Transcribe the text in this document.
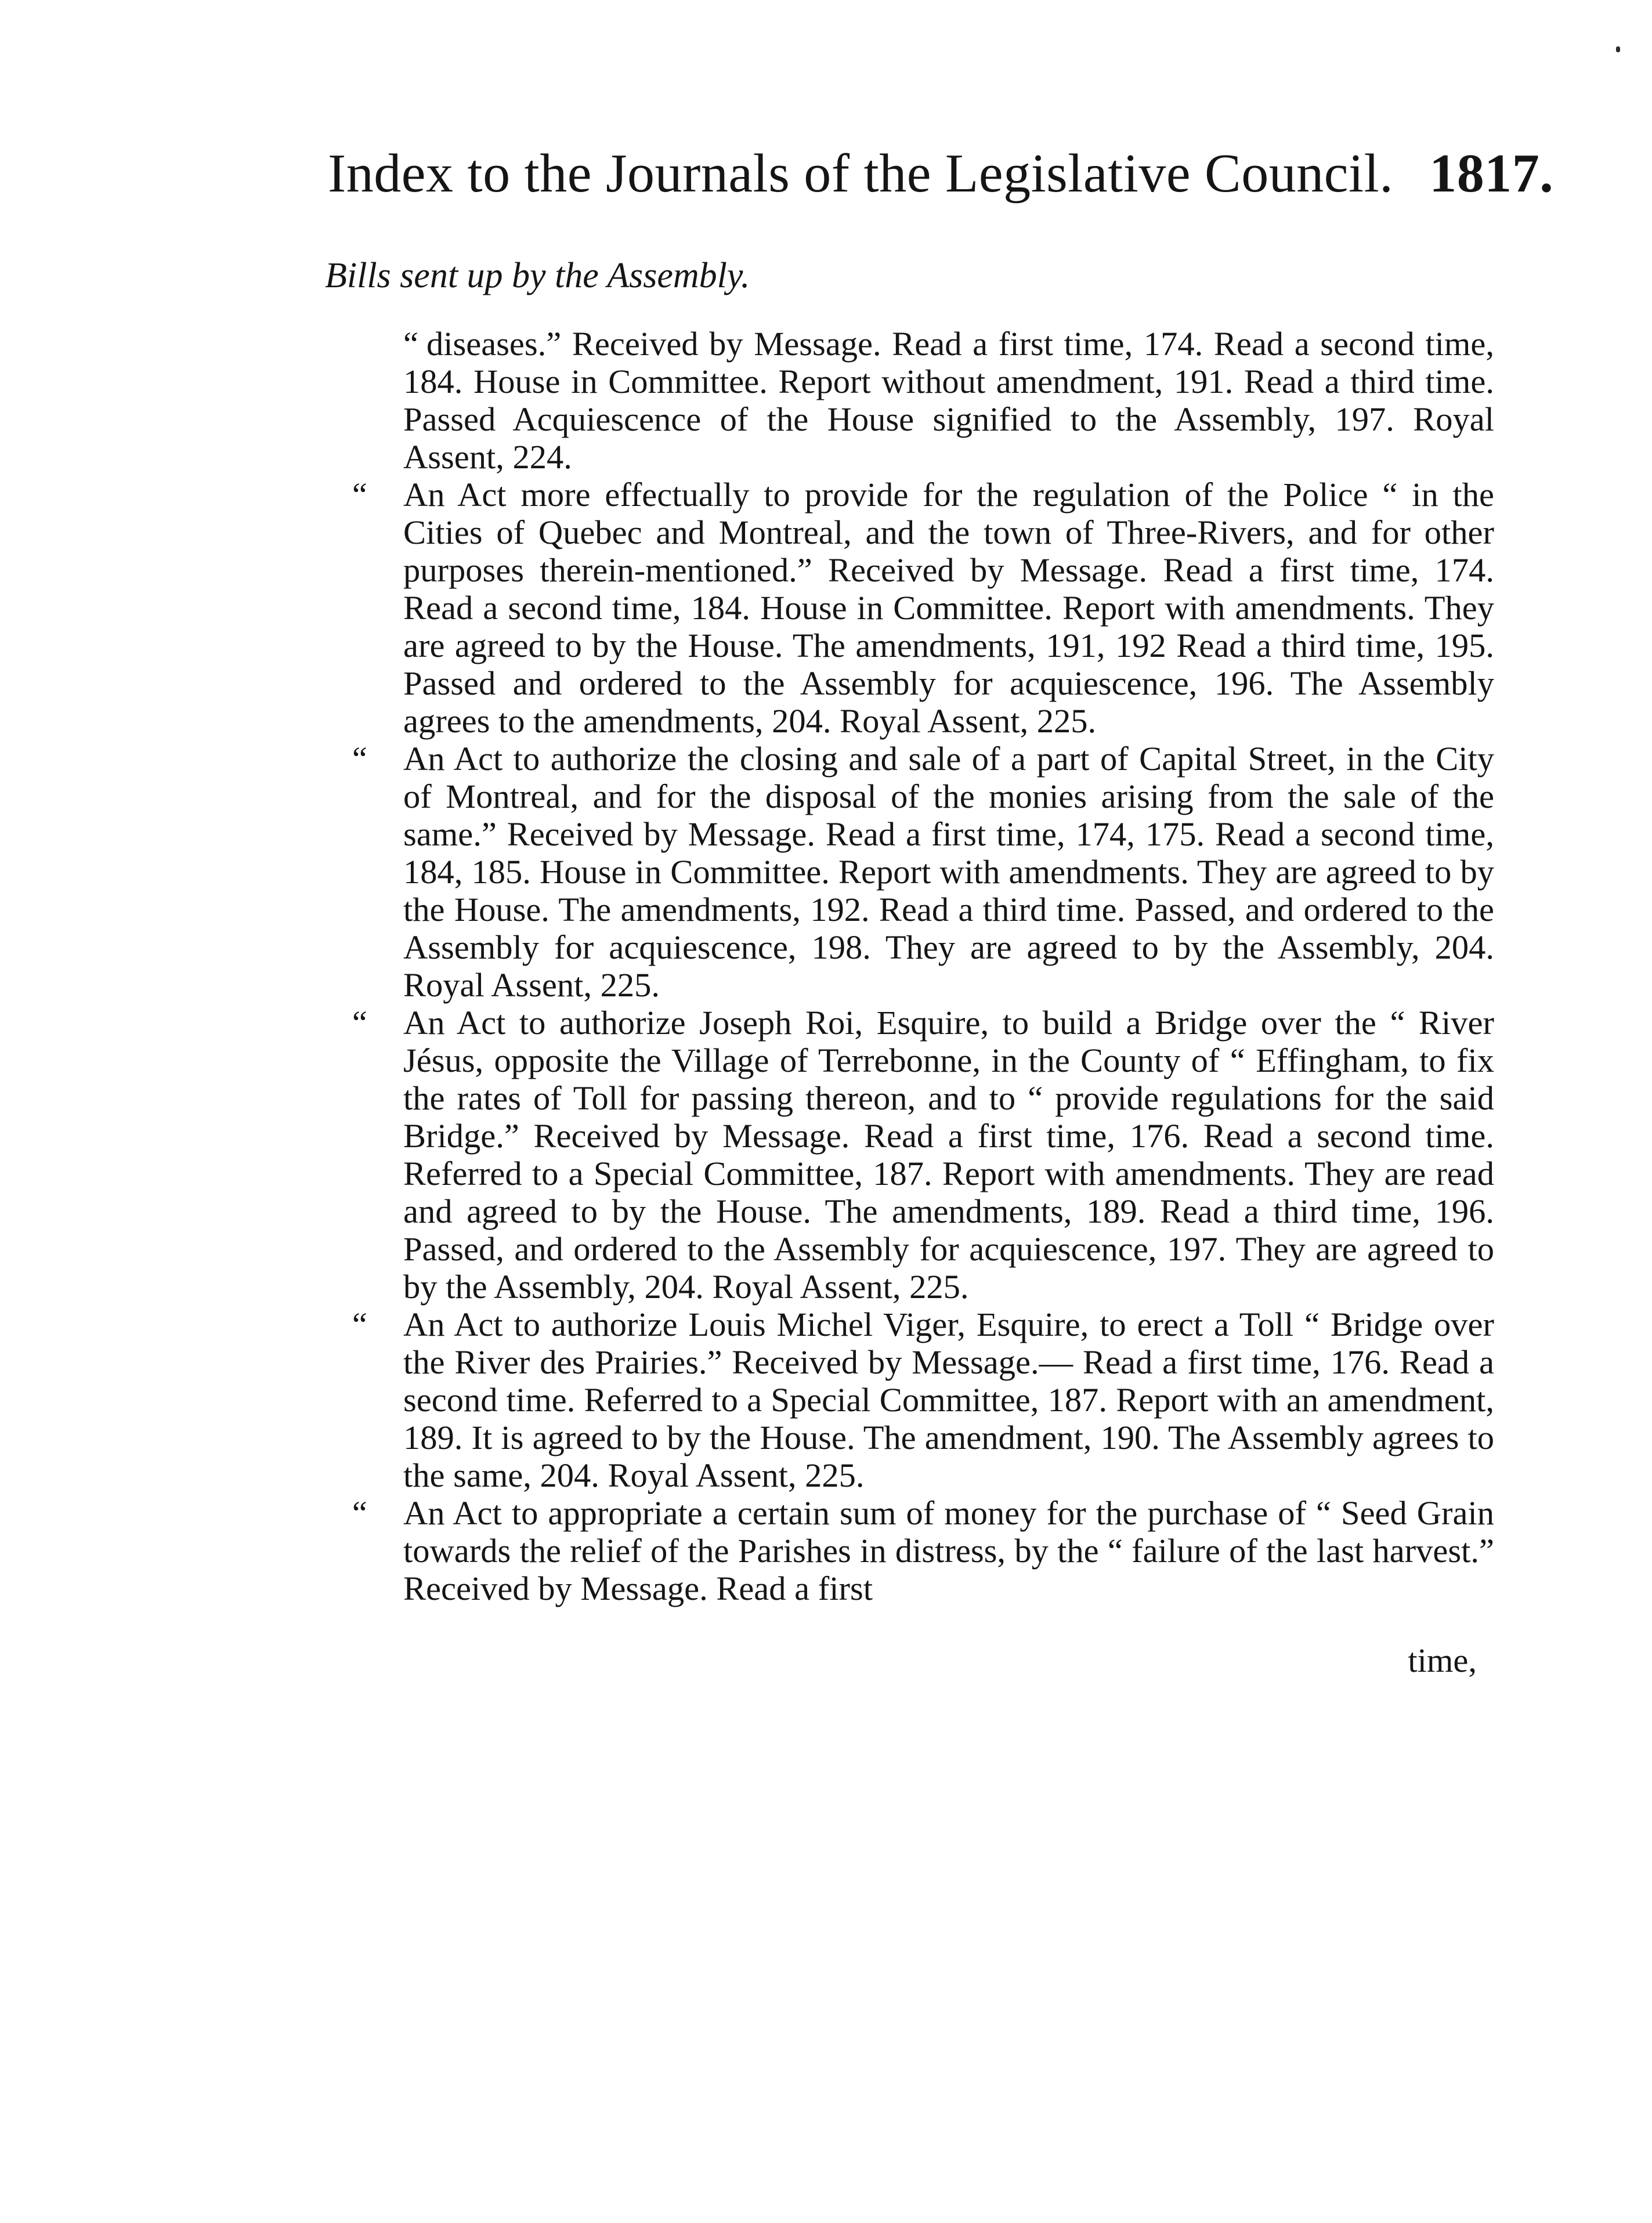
Index to the Journals of the Legislative Council. 1817.
Bills sent up by the Assembly.

“ diseases.” Received by Message. Read a first time, 174. Read a second time, 184. House in Committee. Report without amendment, 191. Read a third time. Passed Acquiescence of the House signified to the Assembly, 197. Royal Assent, 224.

“ An Act more effectually to provide for the regulation of the Police “ in the Cities of Quebec and Montreal, and the town of Three-Rivers, and for other purposes therein-mentioned.” Received by Message. Read a first time, 174. Read a second time, 184. House in Committee. Report with amendments. They are agreed to by the House. The amendments, 191, 192 Read a third time, 195. Passed and ordered to the Assembly for acquiescence, 196. The Assembly agrees to the amendments, 204. Royal Assent, 225.

“ An Act to authorize the closing and sale of a part of Capital Street, in the City of Montreal, and for the disposal of the monies arising from the sale of the same.” Received by Message. Read a first time, 174, 175. Read a second time, 184, 185. House in Committee. Report with amendments. They are agreed to by the House. The amendments, 192. Read a third time. Passed, and ordered to the Assembly for acquiescence, 198. They are agreed to by the Assembly, 204. Royal Assent, 225.

“ An Act to authorize Joseph Roi, Esquire, to build a Bridge over the “ River Jésus, opposite the Village of Terrebonne, in the County of “ Effingham, to fix the rates of Toll for passing thereon, and to “ provide regulations for the said Bridge.” Received by Message. Read a first time, 176. Read a second time. Referred to a Special Committee, 187. Report with amendments. They are read and agreed to by the House. The amendments, 189. Read a third time, 196. Passed, and ordered to the Assembly for acquiescence, 197. They are agreed to by the Assembly, 204. Royal Assent, 225.

“ An Act to authorize Louis Michel Viger, Esquire, to erect a Toll “ Bridge over the River des Prairies.” Received by Message.— Read a first time, 176. Read a second time. Referred to a Special Committee, 187. Report with an amendment, 189. It is agreed to by the House. The amendment, 190. The Assembly agrees to the same, 204. Royal Assent, 225.

“ An Act to appropriate a certain sum of money for the purchase of “ Seed Grain towards the relief of the Parishes in distress, by the “ failure of the last harvest.” Received by Message. Read a first

time,
